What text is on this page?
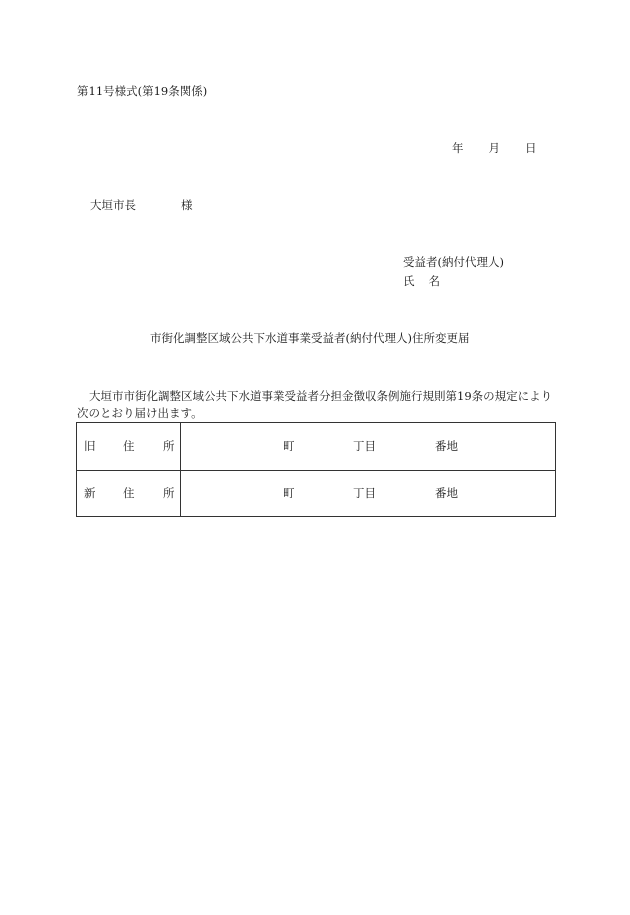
第11号様式(第19条関係)
年 月 日
大垣市長	様
受益者(納付代理人)
氏 名
市街化調整区域公共下水道事業受益者(納付代理人)住所変更届
大垣市市街化調整区域公共下水道事業受益者分担金徴収条例施行規則第19条の規定により次のとおり届け出ます。
旧 住 所	町	丁目	番地
新 住 所	町	丁目	番地
